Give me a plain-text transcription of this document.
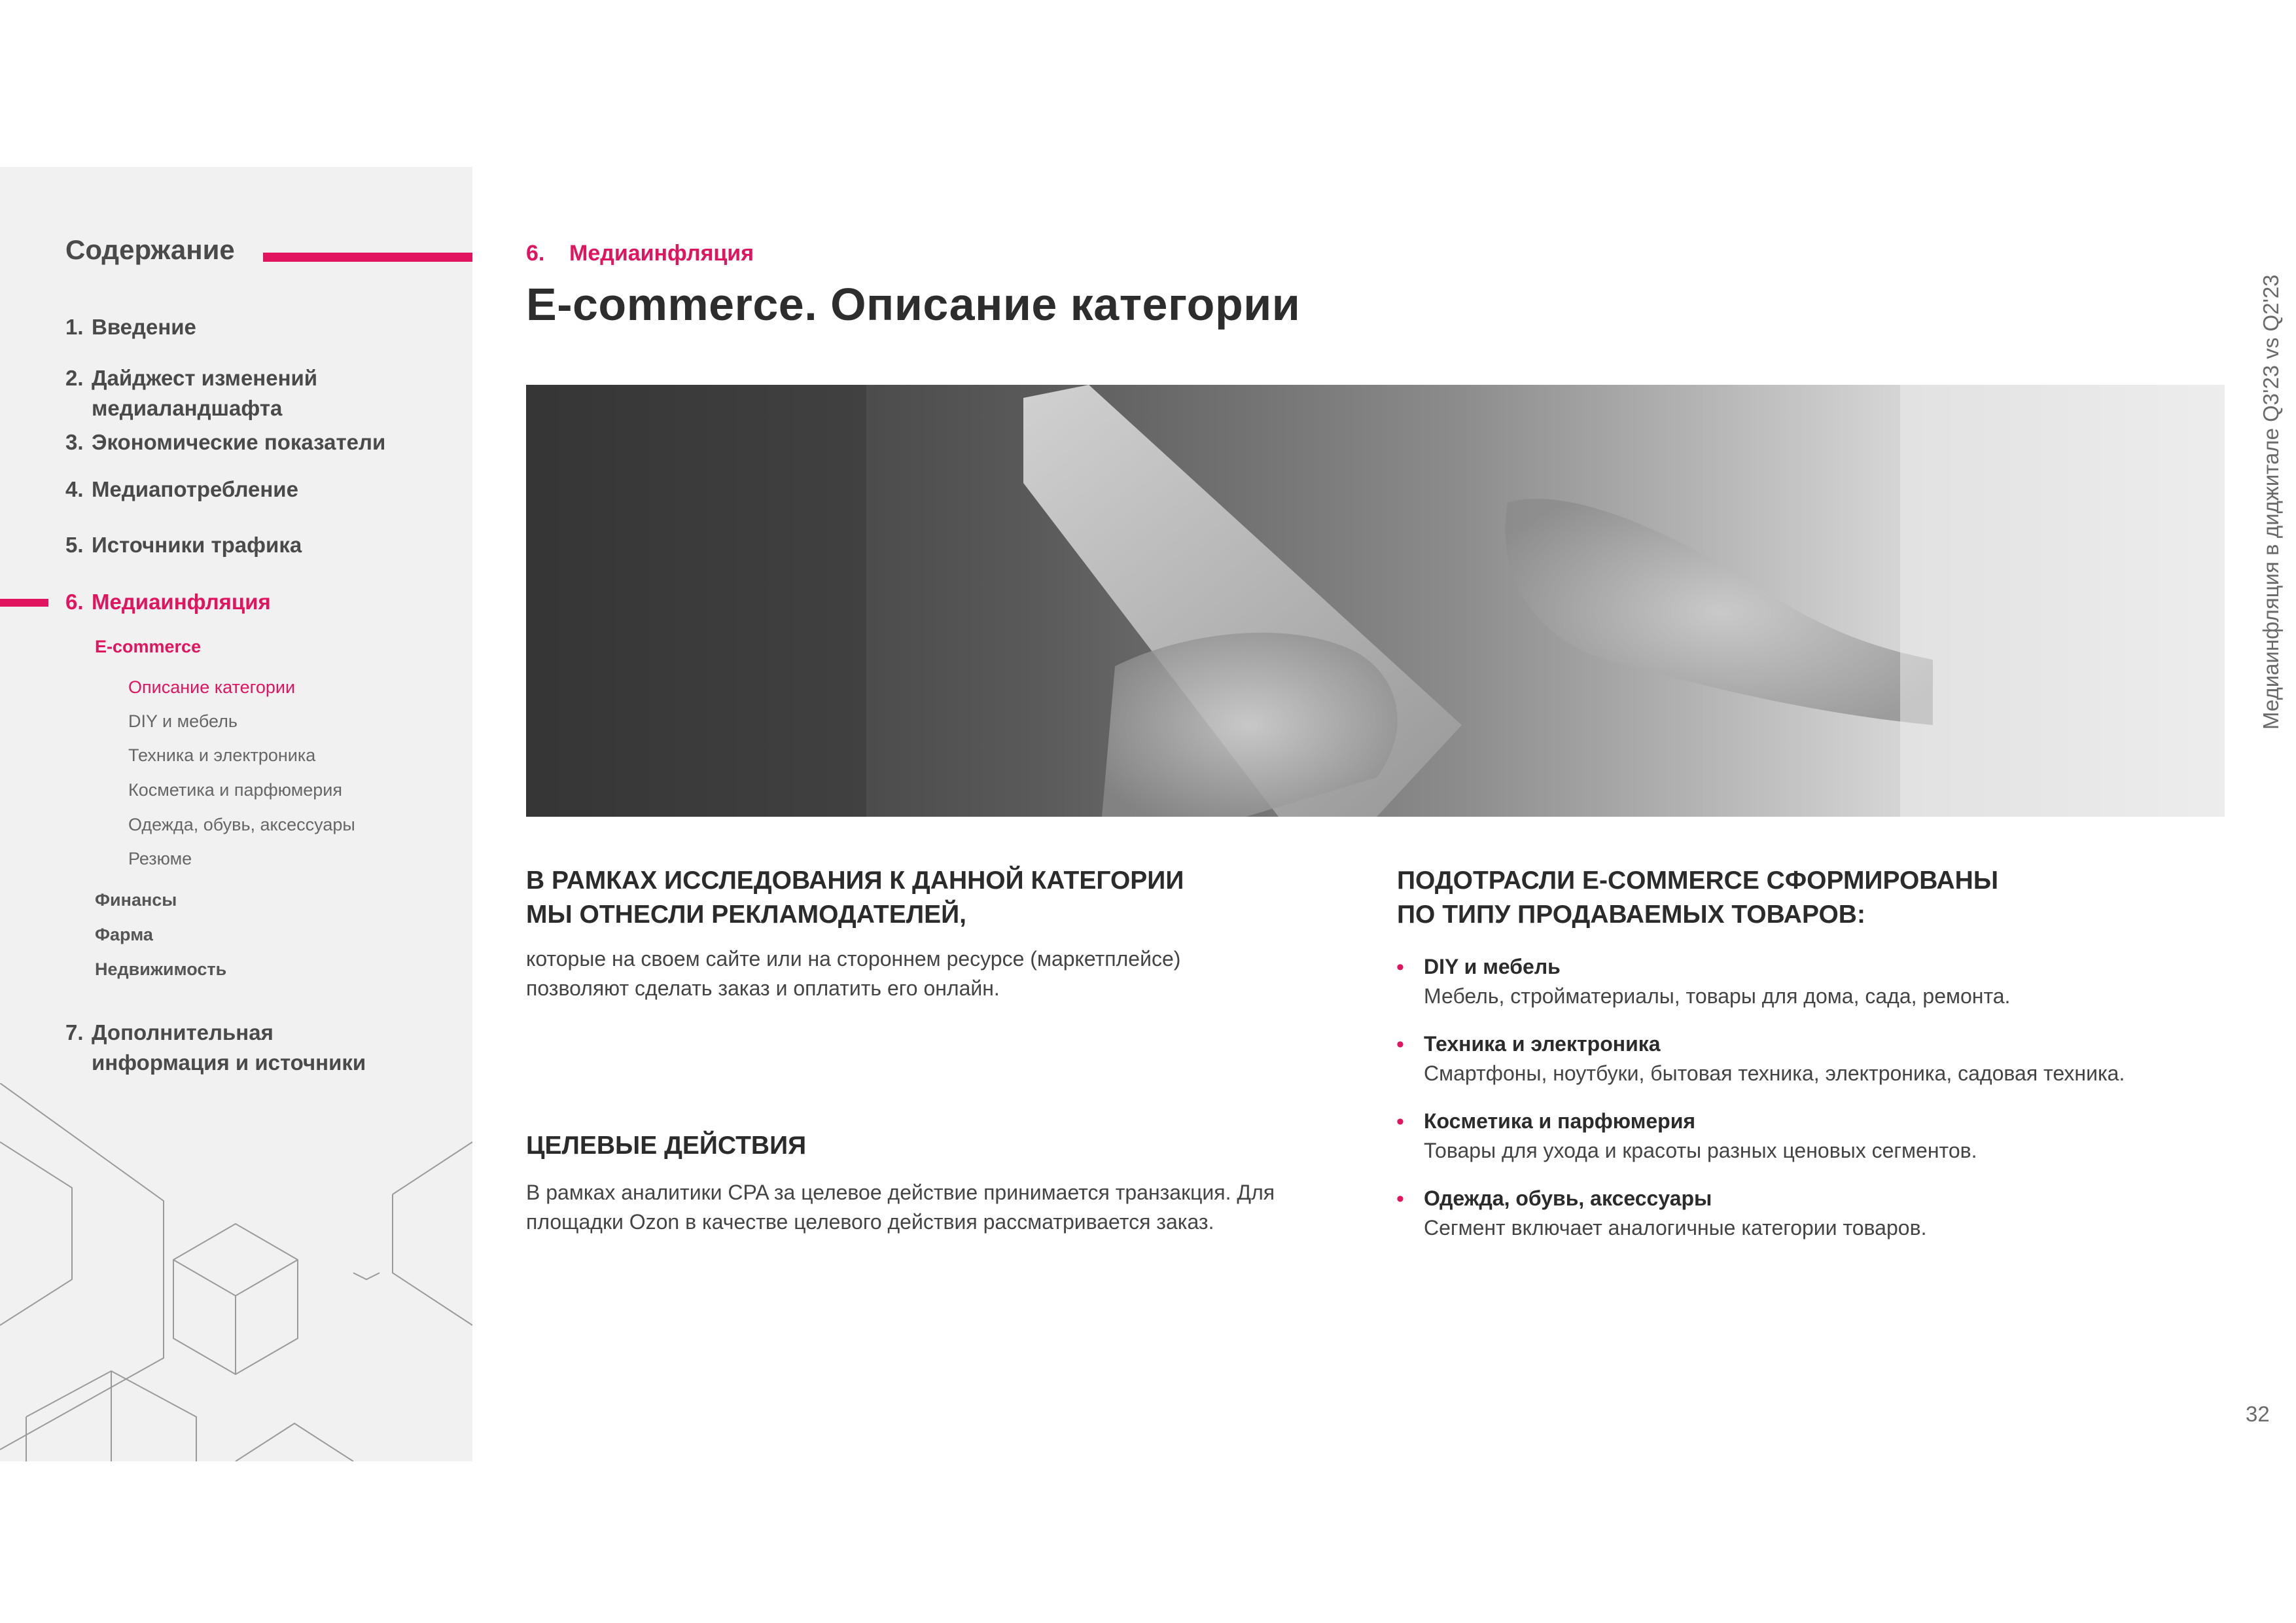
Содержание
1. Введение
2. Дайджест изменений
медиаландшафта
3. Экономические показатели
4. Медиапотребление
5. Источники трафика
6. Медиаинфляция
E-commerce
Описание категории
DIY и мебель
Техника и электроника
Косметика и парфюмерия
Одежда, обувь, аксессуары
Резюме
Финансы
Фарма
Недвижимость
7. Дополнительная
информация и источники
6. Медиаинфляция
E-commerce. Описание категории
В РАМКАХ ИССЛЕДОВАНИЯ К ДАННОЙ КАТЕГОРИИ
МЫ ОТНЕСЛИ РЕКЛАМОДАТЕЛЕЙ,
которые на своем сайте или на стороннем ресурсе (маркетплейсе)
позволяют сделать заказ и оплатить его онлайн.
ЦЕЛЕВЫЕ ДЕЙСТВИЯ
В рамках аналитики CPA за целевое действие принимается транзакция. Для
площадки Ozon в качестве целевого действия рассматривается заказ.
ПОДОТРАСЛИ E-COMMERCE СФОРМИРОВАНЫ
ПО ТИПУ ПРОДАВАЕМЫХ ТОВАРОВ:
• DIY и мебель
Мебель, стройматериалы, товары для дома, сада, ремонта.
• Техника и электроника
Смартфоны, ноутбуки, бытовая техника, электроника, садовая техника.
• Косметика и парфюмерия
Товары для ухода и красоты разных ценовых сегментов.
• Одежда, обувь, аксессуары
Сегмент включает аналогичные категории товаров.
Медиаинфляция в диджитале Q3'23 vs Q2'23
32
